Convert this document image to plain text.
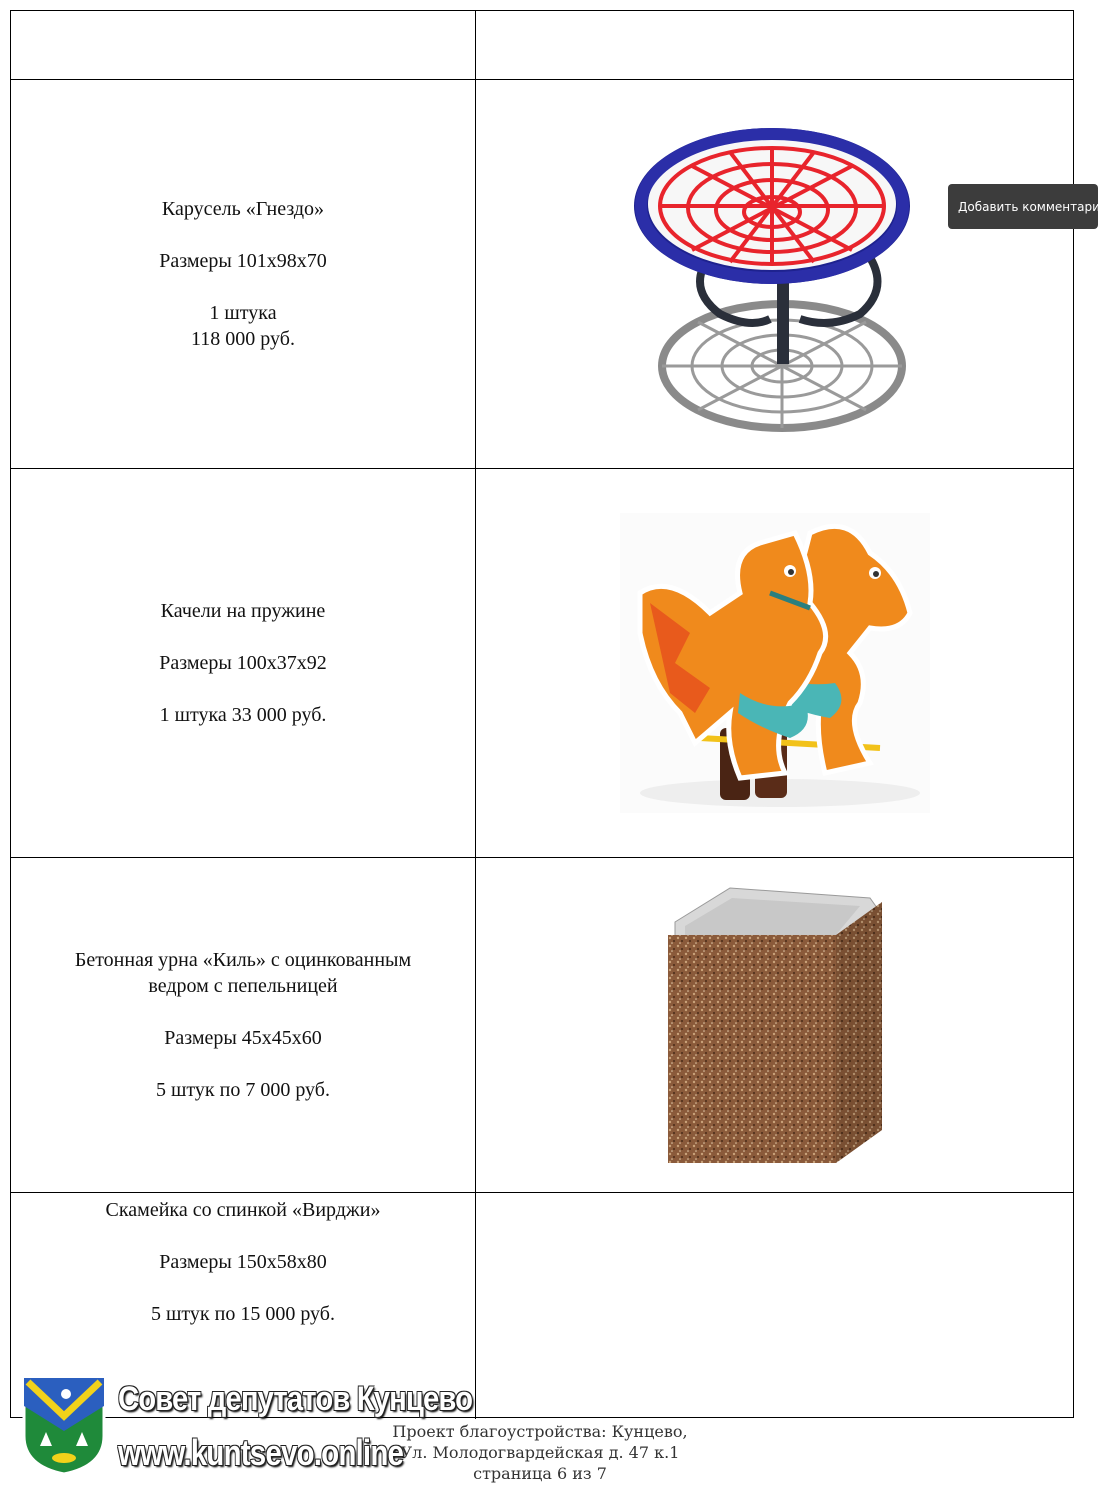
Карусель «Гнездо»
Размеры 101х98х70
1 штука
118 000 руб.
Качели на пружине
Размеры 100х37х92
1 штука 33 000 руб.
Бетонная урна «Киль» с оцинкованным
ведром с пепельницей
Размеры 45х45х60
5 штук по 7 000 руб.
Скамейка со спинкой «Вирджи»
Размеры 150х58х80
5 штук по 15 000 руб.
Добавить комментарий
Проект благоустройства: Кунцево,
Ул. Молодогвардейская д. 47 к.1
страница 6 из 7
Совет депутатов Кунцево
www.kuntsevo.online
